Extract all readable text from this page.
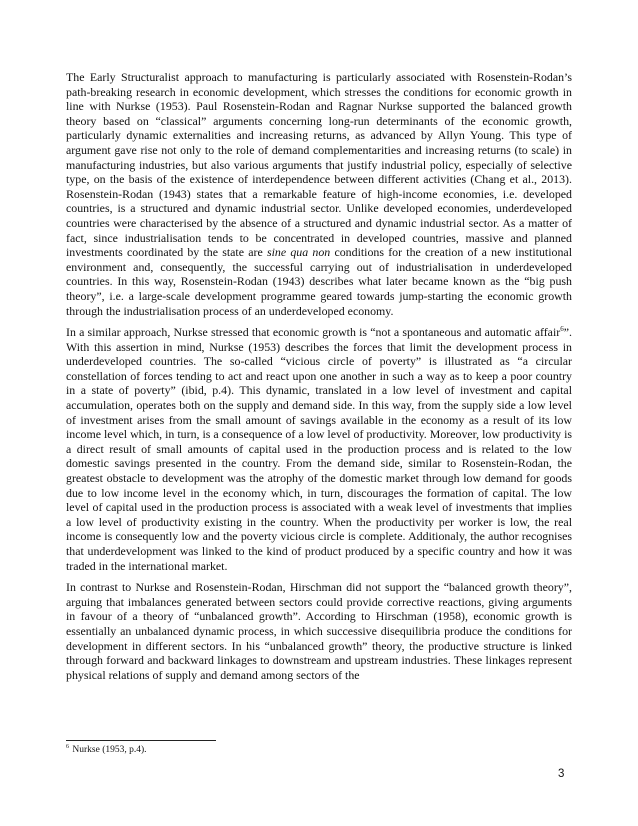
The Early Structuralist approach to manufacturing is particularly associated with Rosenstein-Rodan’s path-breaking research in economic development, which stresses the conditions for economic growth in line with Nurkse (1953). Paul Rosenstein-Rodan and Ragnar Nurkse supported the balanced growth theory based on “classical” arguments concerning long-run determinants of the economic growth, particularly dynamic externalities and increasing returns, as advanced by Allyn Young. This type of argument gave rise not only to the role of demand complementarities and increasing returns (to scale) in manufacturing industries, but also various arguments that justify industrial policy, especially of selective type, on the basis of the existence of interdependence between different activities (Chang et al., 2013). Rosenstein-Rodan (1943) states that a remarkable feature of high-income economies, i.e. developed countries, is a structured and dynamic industrial sector. Unlike developed economies, underdeveloped countries were characterised by the absence of a structured and dynamic industrial sector. As a matter of fact, since industrialisation tends to be concentrated in developed countries, massive and planned investments coordinated by the state are sine qua non conditions for the creation of a new institutional environment and, consequently, the successful carrying out of industrialisation in underdeveloped countries. In this way, Rosenstein-Rodan (1943) describes what later became known as the “big push theory”, i.e. a large-scale development programme geared towards jump-starting the economic growth through the industrialisation process of an underdeveloped economy.

In a similar approach, Nurkse stressed that economic growth is “not a spontaneous and automatic affair$^6$”. With this assertion in mind, Nurkse (1953) describes the forces that limit the development process in underdeveloped countries. The so-called “vicious circle of poverty” is illustrated as “a circular constellation of forces tending to act and react upon one another in such a way as to keep a poor country in a state of poverty” (ibid, p.4). This dynamic, translated in a low level of investment and capital accumulation, operates both on the supply and demand side. In this way, from the supply side a low level of investment arises from the small amount of savings available in the economy as a result of its low income level which, in turn, is a consequence of a low level of productivity. Moreover, low productivity is a direct result of small amounts of capital used in the production process and is related to the low domestic savings presented in the country. From the demand side, similar to Rosenstein-Rodan, the greatest obstacle to development was the atrophy of the domestic market through low demand for goods due to low income level in the economy which, in turn, discourages the formation of capital. The low level of capital used in the production process is associated with a weak level of investments that implies a low level of productivity existing in the country. When the productivity per worker is low, the real income is consequently low and the poverty vicious circle is complete. Additionaly, the author recognises that underdevelopment was linked to the kind of product produced by a specific country and how it was traded in the international market.

In contrast to Nurkse and Rosenstein-Rodan, Hirschman did not support the “balanced growth theory”, arguing that imbalances generated between sectors could provide corrective reactions, giving arguments in favour of a theory of “unbalanced growth”. According to Hirschman (1958), economic growth is essentially an unbalanced dynamic process, in which successive disequilibria produce the conditions for development in different sectors. In his “unbalanced growth” theory, the productive structure is linked through forward and backward linkages to downstream and upstream industries. These linkages represent physical relations of supply and demand among sectors of the

$^6$ Nurkse (1953, p.4).
3
